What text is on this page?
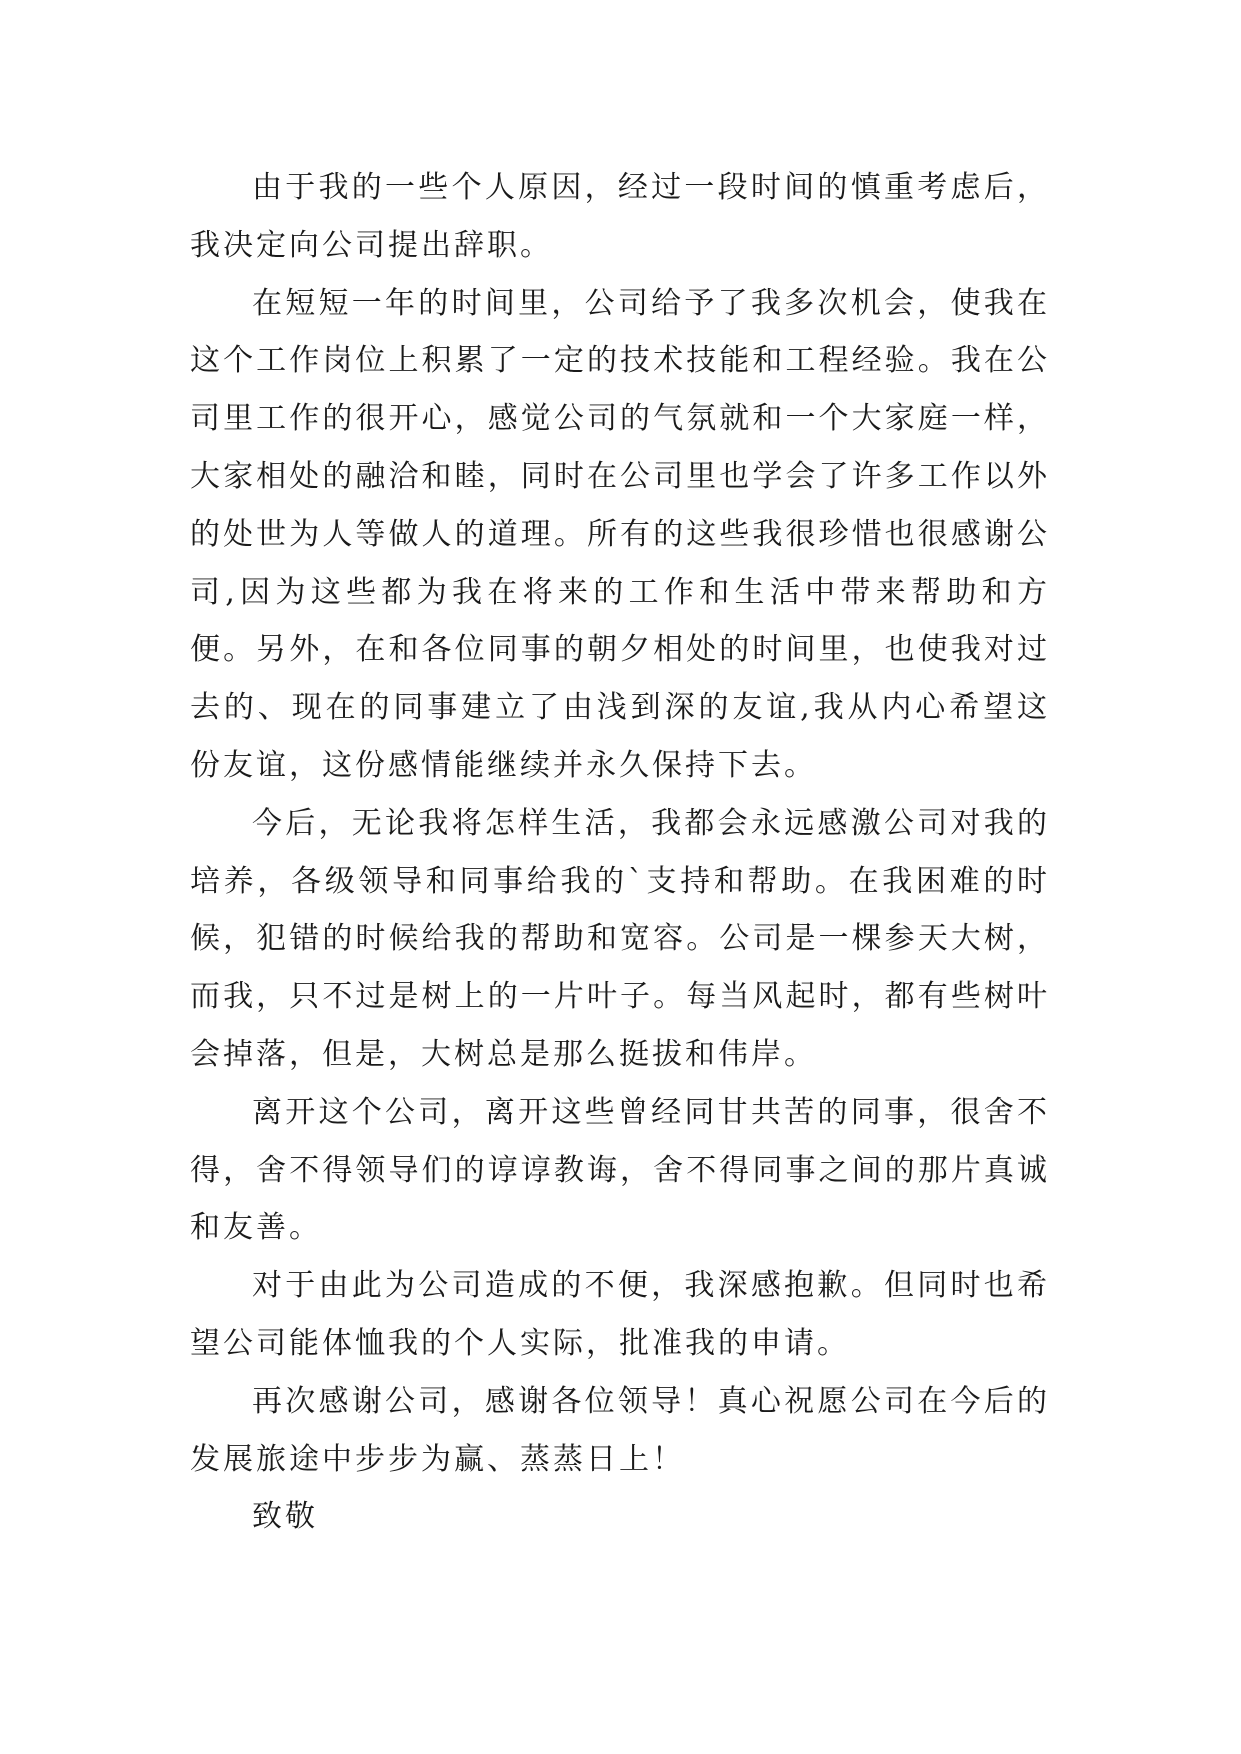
由于我的一些个人原因，经过一段时间的慎重考虑后，我决定向公司提出辞职。

在短短一年的时间里，公司给予了我多次机会，使我在这个工作岗位上积累了一定的技术技能和工程经验。我在公司里工作的很开心，感觉公司的气氛就和一个大家庭一样，大家相处的融洽和睦，同时在公司里也学会了许多工作以外的处世为人等做人的道理。所有的这些我很珍惜也很感谢公司,因为这些都为我在将来的工作和生活中带来帮助和方便。另外，在和各位同事的朝夕相处的时间里，也使我对过去的、现在的同事建立了由浅到深的友谊,我从内心希望这份友谊，这份感情能继续并永久保持下去。

今后，无论我将怎样生活，我都会永远感激公司对我的培养，各级领导和同事给我的`支持和帮助。在我困难的时候，犯错的时候给我的帮助和宽容。公司是一棵参天大树，而我，只不过是树上的一片叶子。每当风起时，都有些树叶会掉落，但是，大树总是那么挺拔和伟岸。

离开这个公司，离开这些曾经同甘共苦的同事，很舍不得，舍不得领导们的谆谆教诲，舍不得同事之间的那片真诚和友善。

对于由此为公司造成的不便，我深感抱歉。但同时也希望公司能体恤我的个人实际，批准我的申请。

再次感谢公司，感谢各位领导！真心祝愿公司在今后的发展旅途中步步为赢、蒸蒸日上！

致敬
